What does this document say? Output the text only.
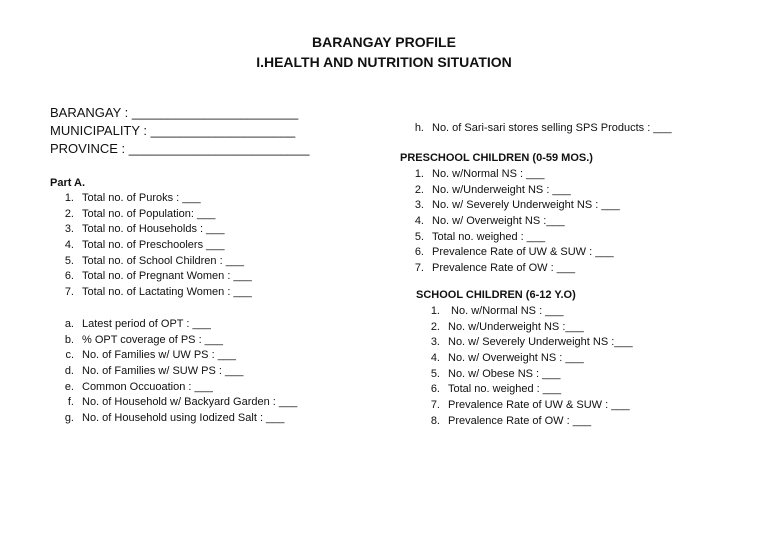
BARANGAY PROFILE
I.HEALTH AND NUTRITION SITUATION
BARANGAY : _______________________
MUNICIPALITY : ____________________
PROVINCE : _________________________
Part A.
1. Total no. of Puroks : ___
2. Total no. of Population: ___
3. Total no. of Households : ___
4. Total no. of Preschoolers ___
5. Total no. of School Children : ___
6. Total no. of Pregnant Women : ___
7. Total no. of Lactating Women : ___
a. Latest period of OPT : ___
b. % OPT coverage of PS : ___
c. No. of Families w/ UW PS : ___
d. No. of Families w/ SUW PS : ___
e. Common Occuoation : ___
f. No. of Household w/ Backyard Garden : ___
g. No. of Household using Iodized Salt : ___
h. No. of Sari-sari stores selling SPS Products : ___
PRESCHOOL CHILDREN (0-59 MOS.)
1. No. w/Normal NS : ___
2. No. w/Underweight NS : ___
3. No. w/ Severely Underweight NS : ___
4. No. w/ Overweight NS :___
5. Total no. weighed : ___
6. Prevalence Rate of UW & SUW : ___
7. Prevalence Rate of OW : ___
SCHOOL CHILDREN (6-12 Y.O)
1. No. w/Normal NS : ___
2. No. w/Underweight NS :___
3. No. w/ Severely Underweight NS :___
4. No. w/ Overweight NS : ___
5. No. w/ Obese NS : ___
6. Total no. weighed : ___
7. Prevalence Rate of UW & SUW : ___
8. Prevalence Rate of OW : ___
